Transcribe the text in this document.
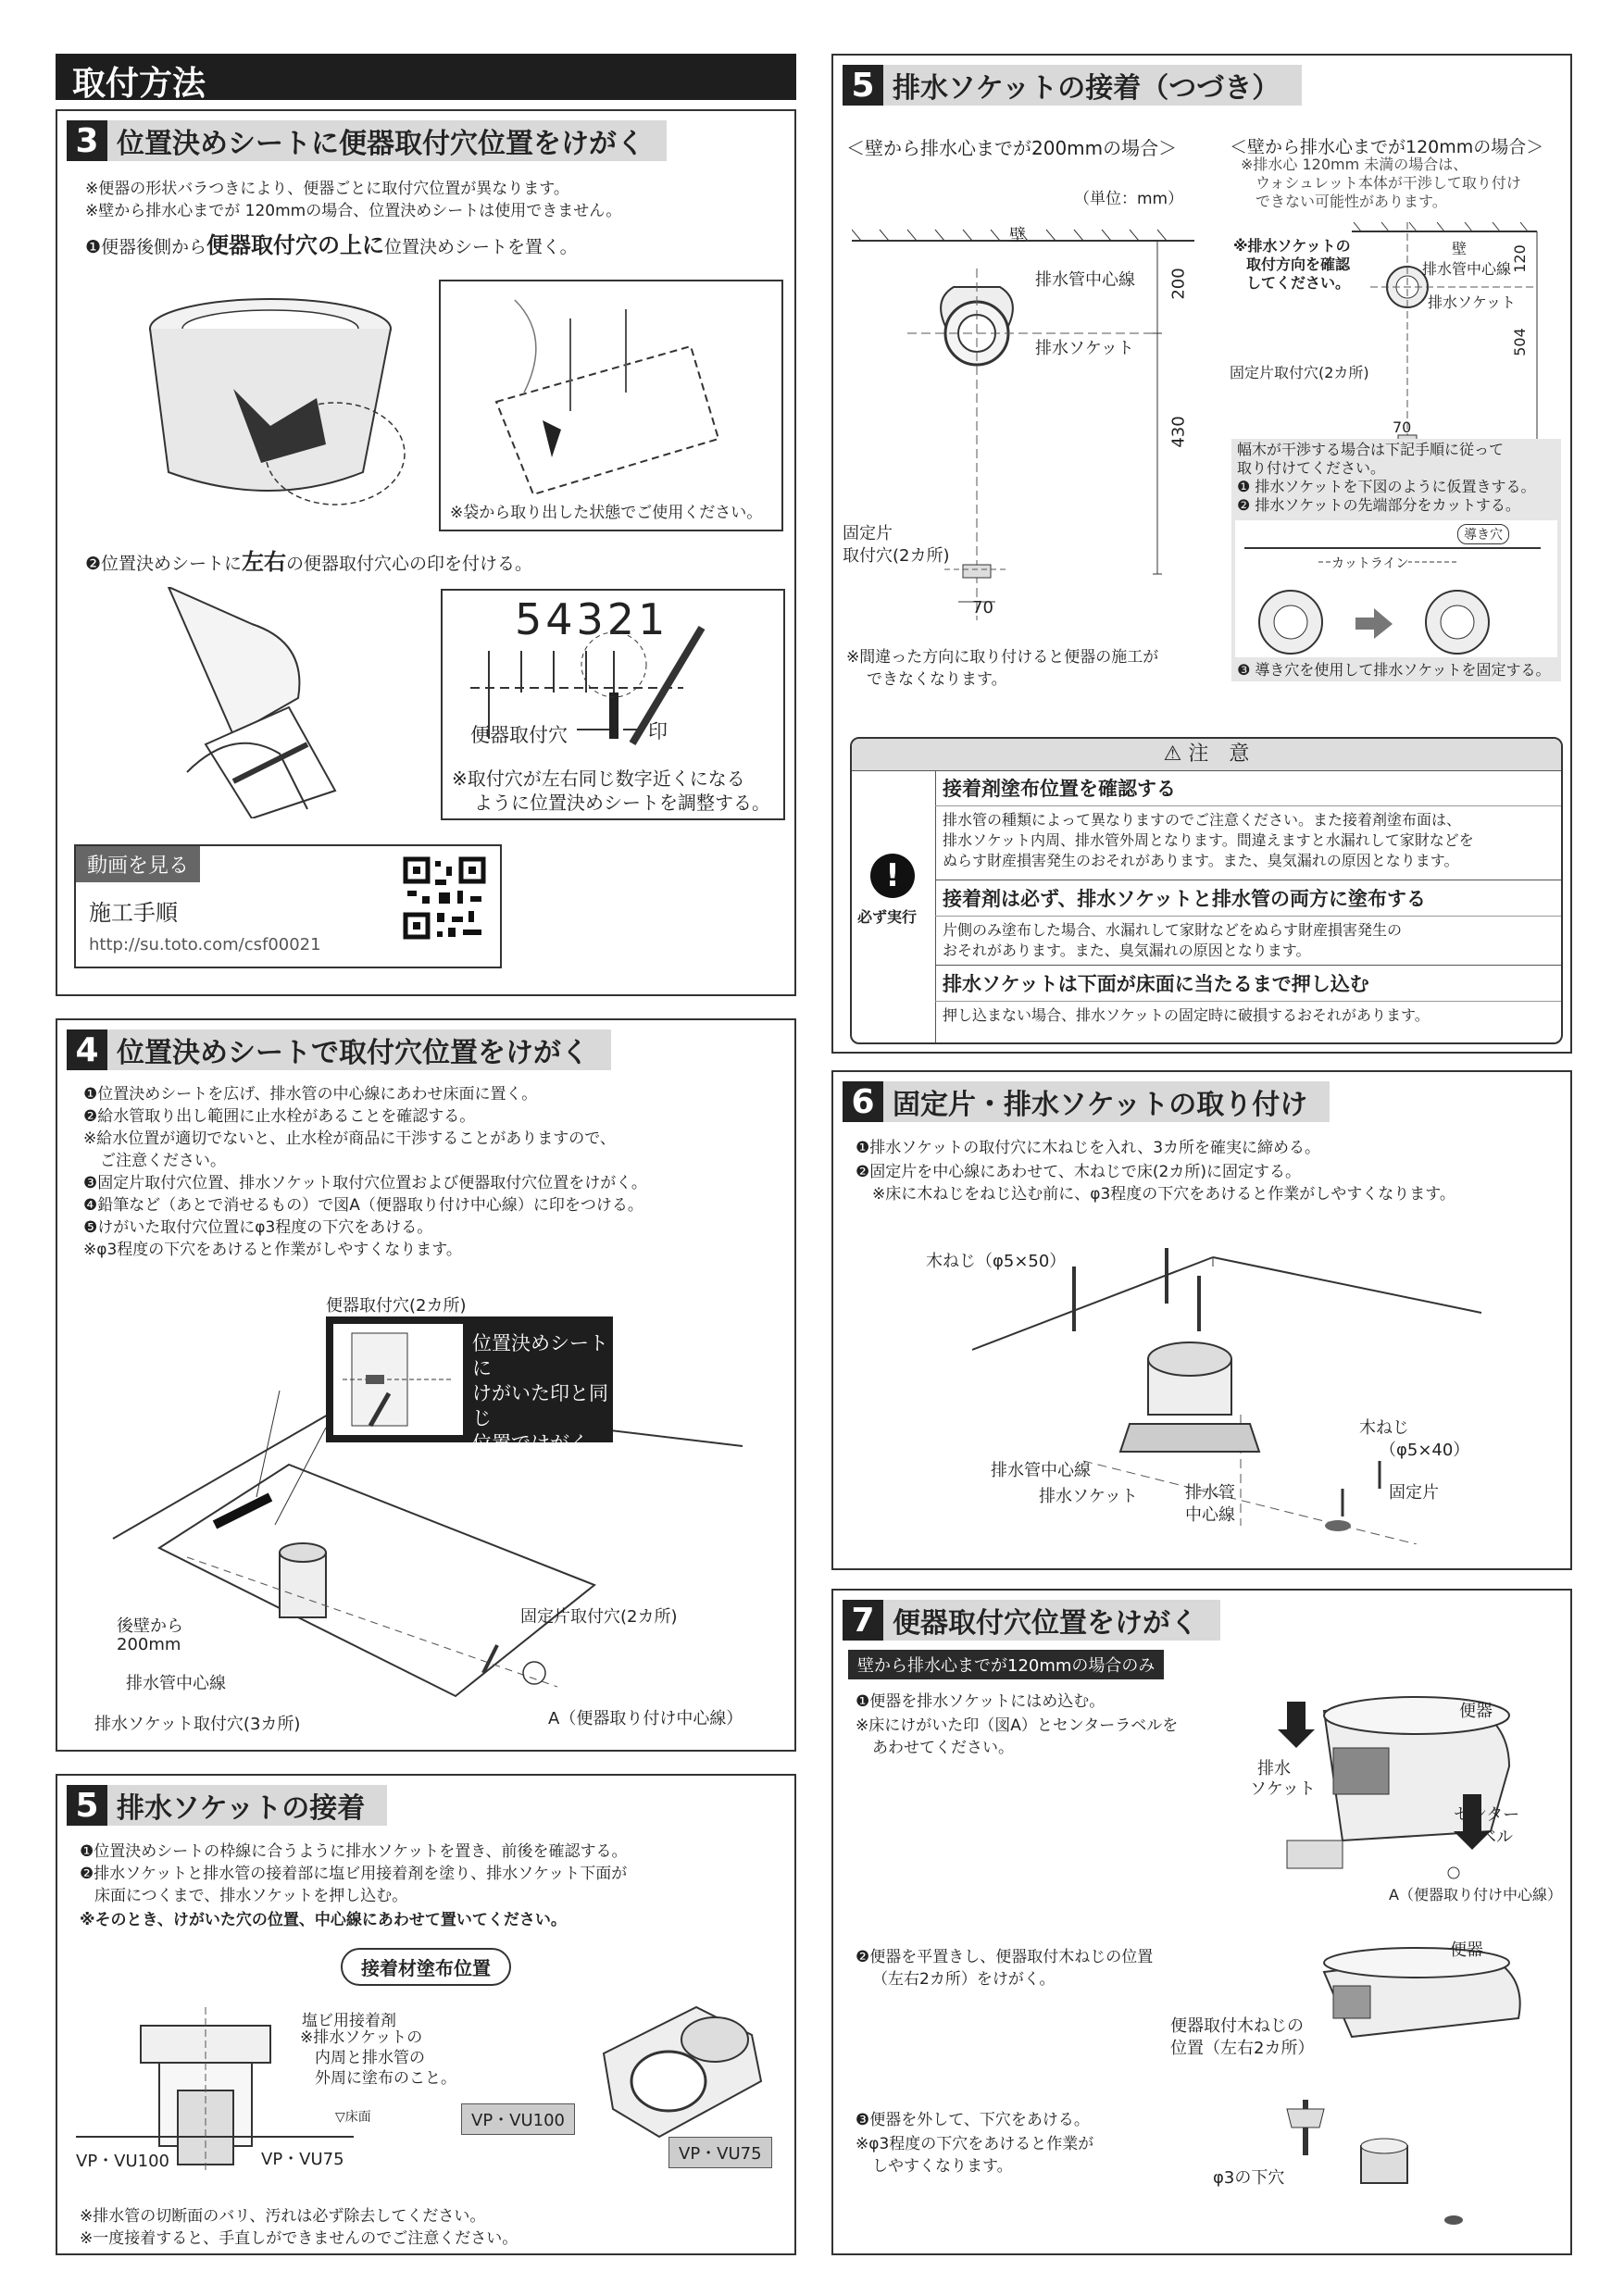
取付方法
3 位置決めシートに便器取付穴位置をけがく
※便器の形状バラつきにより、便器ごとに取付穴位置が異なります。
※壁から排水心までが 120mmの場合、位置決めシートは使用できません。
❶便器後側から便器取付穴の上に位置決めシートを置く。
※袋から取り出した状態でご使用ください。
❷位置決めシートに左右の便器取付穴心の印を付ける。
54321
便器取付穴	印
※取付穴が左右同じ数字近くになる
ように位置決めシートを調整する。
動画を見る
施工手順
http://su.toto.com/csf00021
4 位置決めシートで取付穴位置をけがく
❶位置決めシートを広げ、排水管の中心線にあわせ床面に置く。
❷給水管取り出し範囲に止水栓があることを確認する。
※給水位置が適切でないと、止水栓が商品に干渉することがありますので、
ご注意ください。
❸固定片取付穴位置、排水ソケット取付穴位置および便器取付穴位置をけがく。
❹鉛筆など（あとで消せるもの）で図A（便器取り付け中心線）に印をつける。
❺けがいた取付穴位置にφ3程度の下穴をあける。
※φ3程度の下穴をあけると作業がしやすくなります。
便器取付穴(2カ所)
位置決めシートに
けがいた印と同じ
位置でけがく
後壁から
200mm
排水管中心線
排水ソケット取付穴(3カ所)
固定片取付穴(2カ所)
A（便器取り付け中心線）
5 排水ソケットの接着
❶位置決めシートの枠線に合うように排水ソケットを置き、前後を確認する。
❷排水ソケットと排水管の接着部に塩ビ用接着剤を塗り、排水ソケット下面が
床面につくまで、排水ソケットを押し込む。
※そのとき、けがいた穴の位置、中心線にあわせて置いてください。
接着材塗布位置
塩ビ用接着剤
※排水ソケットの
内周と排水管の
外周に塗布のこと。
▽床面
VP・VU100	VP・VU75
VP・VU100
VP・VU75
※排水管の切断面のバリ、汚れは必ず除去してください。
※一度接着すると、手直しができませんのでご注意ください。
5 排水ソケットの接着（つづき）
＜壁から排水心までが200mmの場合＞
（単位：mm）
壁
排水管中心線
排水ソケット
200
430
70
固定片
取付穴(2カ所)
※間違った方向に取り付けると便器の施工が
できなくなります。
＜壁から排水心までが120mmの場合＞
※排水心 120mm 未満の場合は、
ウォシュレット本体が干渉して取り付け
できない可能性があります。
※排水ソケットの
取付方向を確認
してください。
壁
排水管中心線
排水ソケット
120
504
固定片取付穴(2カ所)
70
幅木が干渉する場合は下記手順に従って
取り付けてください。
❶ 排水ソケットを下図のように仮置きする。
❷ 排水ソケットの先端部分をカットする。
カットライン
導き穴
❸ 導き穴を使用して排水ソケットを固定する。
⚠ 注　意
!
必ず実行
接着剤塗布位置を確認する
排水管の種類によって異なりますのでご注意ください。また接着剤塗布面は、
排水ソケット内周、排水管外周となります。間違えますと水漏れして家財などを
ぬらす財産損害発生のおそれがあります。また、臭気漏れの原因となります。
接着剤は必ず、排水ソケットと排水管の両方に塗布する
片側のみ塗布した場合、水漏れして家財などをぬらす財産損害発生の
おそれがあります。また、臭気漏れの原因となります。
排水ソケットは下面が床面に当たるまで押し込む
押し込まない場合、排水ソケットの固定時に破損するおそれがあります。
6 固定片・排水ソケットの取り付け
❶排水ソケットの取付穴に木ねじを入れ、3カ所を確実に締める。
❷固定片を中心線にあわせて、木ねじで床(2カ所)に固定する。
※床に木ねじをねじ込む前に、φ3程度の下穴をあけると作業がしやすくなります。
木ねじ（φ5×50）
木ねじ
（φ5×40）
固定片
排水管中心線
排水ソケット	排水管
中心線
7 便器取付穴位置をけがく
壁から排水心までが120mmの場合のみ
❶便器を排水ソケットにはめ込む。
※床にけがいた印（図A）とセンターラベルを
あわせてください。
便器
排水
ソケット
センター
ラベル
A（便器取り付け中心線）
❷便器を平置きし、便器取付木ねじの位置
（左右2カ所）をけがく。
便器
便器取付木ねじの
位置（左右2カ所）
❸便器を外して、下穴をあける。
※φ3程度の下穴をあけると作業が
しやすくなります。
φ3の下穴
